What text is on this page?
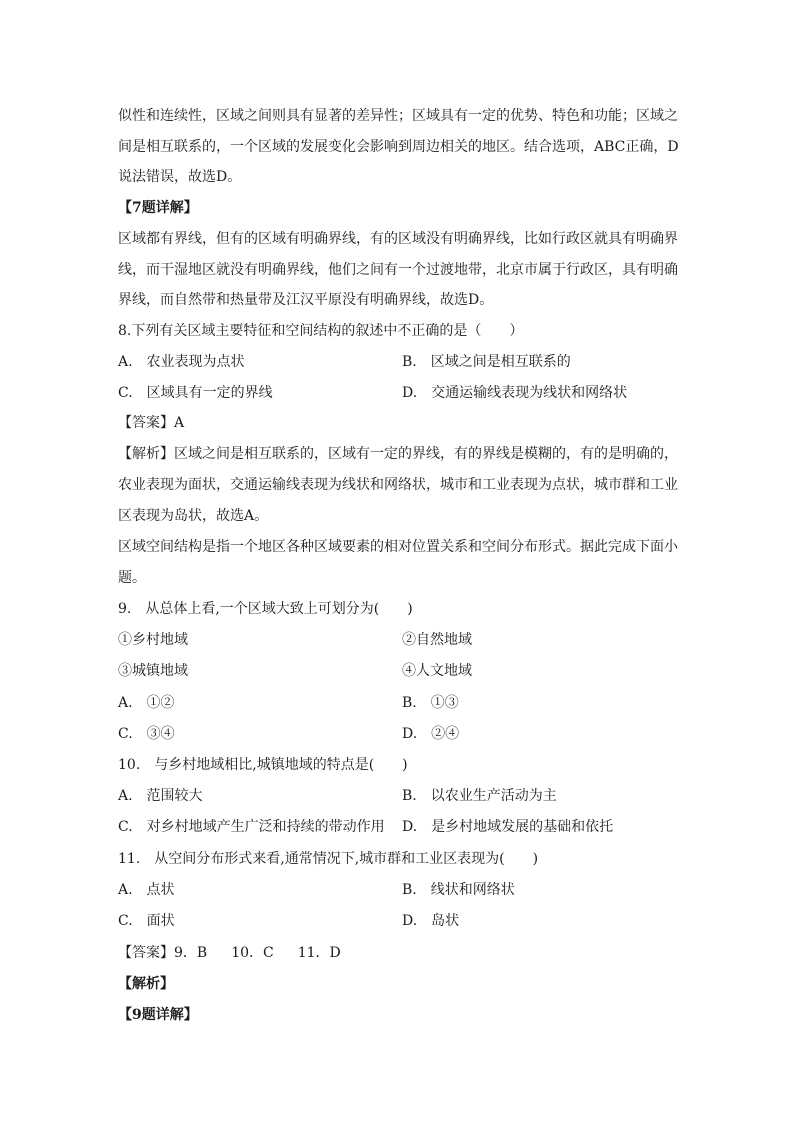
似性和连续性，区域之间则具有显著的差异性；区域具有一定的优势、特色和功能；区域之
间是相互联系的，一个区域的发展变化会影响到周边相关的地区。结合选项，ABC正确，D
说法错误，故选D。
【7题详解】
区域都有界线，但有的区域有明确界线，有的区域没有明确界线，比如行政区就具有明确界
线，而干湿地区就没有明确界线，他们之间有一个过渡地带，北京市属于行政区，具有明确
界线，而自然带和热量带及江汉平原没有明确界线，故选D。
8.下列有关区域主要特征和空间结构的叙述中不正确的是（　　）
A.　农业表现为点状	B.　区域之间是相互联系的
C.　区域具有一定的界线	D.　交通运输线表现为线状和网络状
【答案】A
【解析】区域之间是相互联系的，区域有一定的界线，有的界线是模糊的，有的是明确的，
农业表现为面状，交通运输线表现为线状和网络状，城市和工业表现为点状，城市群和工业
区表现为岛状，故选A。
区域空间结构是指一个地区各种区域要素的相对位置关系和空间分布形式。据此完成下面小
题。
9.　从总体上看,一个区域大致上可划分为(　　)
①乡村地域	②自然地域
③城镇地域	④人文地域
A.　①②	B.　①③
C.　③④	D.　②④
10.　与乡村地域相比,城镇地域的特点是(　　)
A.　范围较大	B.　以农业生产活动为主
C.　对乡村地域产生广泛和持续的带动作用 D.　是乡村地域发展的基础和依托
11.　从空间分布形式来看,通常情况下,城市群和工业区表现为(　　)
A.　点状	B.　线状和网络状
C.　面状	D.　岛状
【答案】9．B 10．C 11．D
【解析】
【9题详解】
